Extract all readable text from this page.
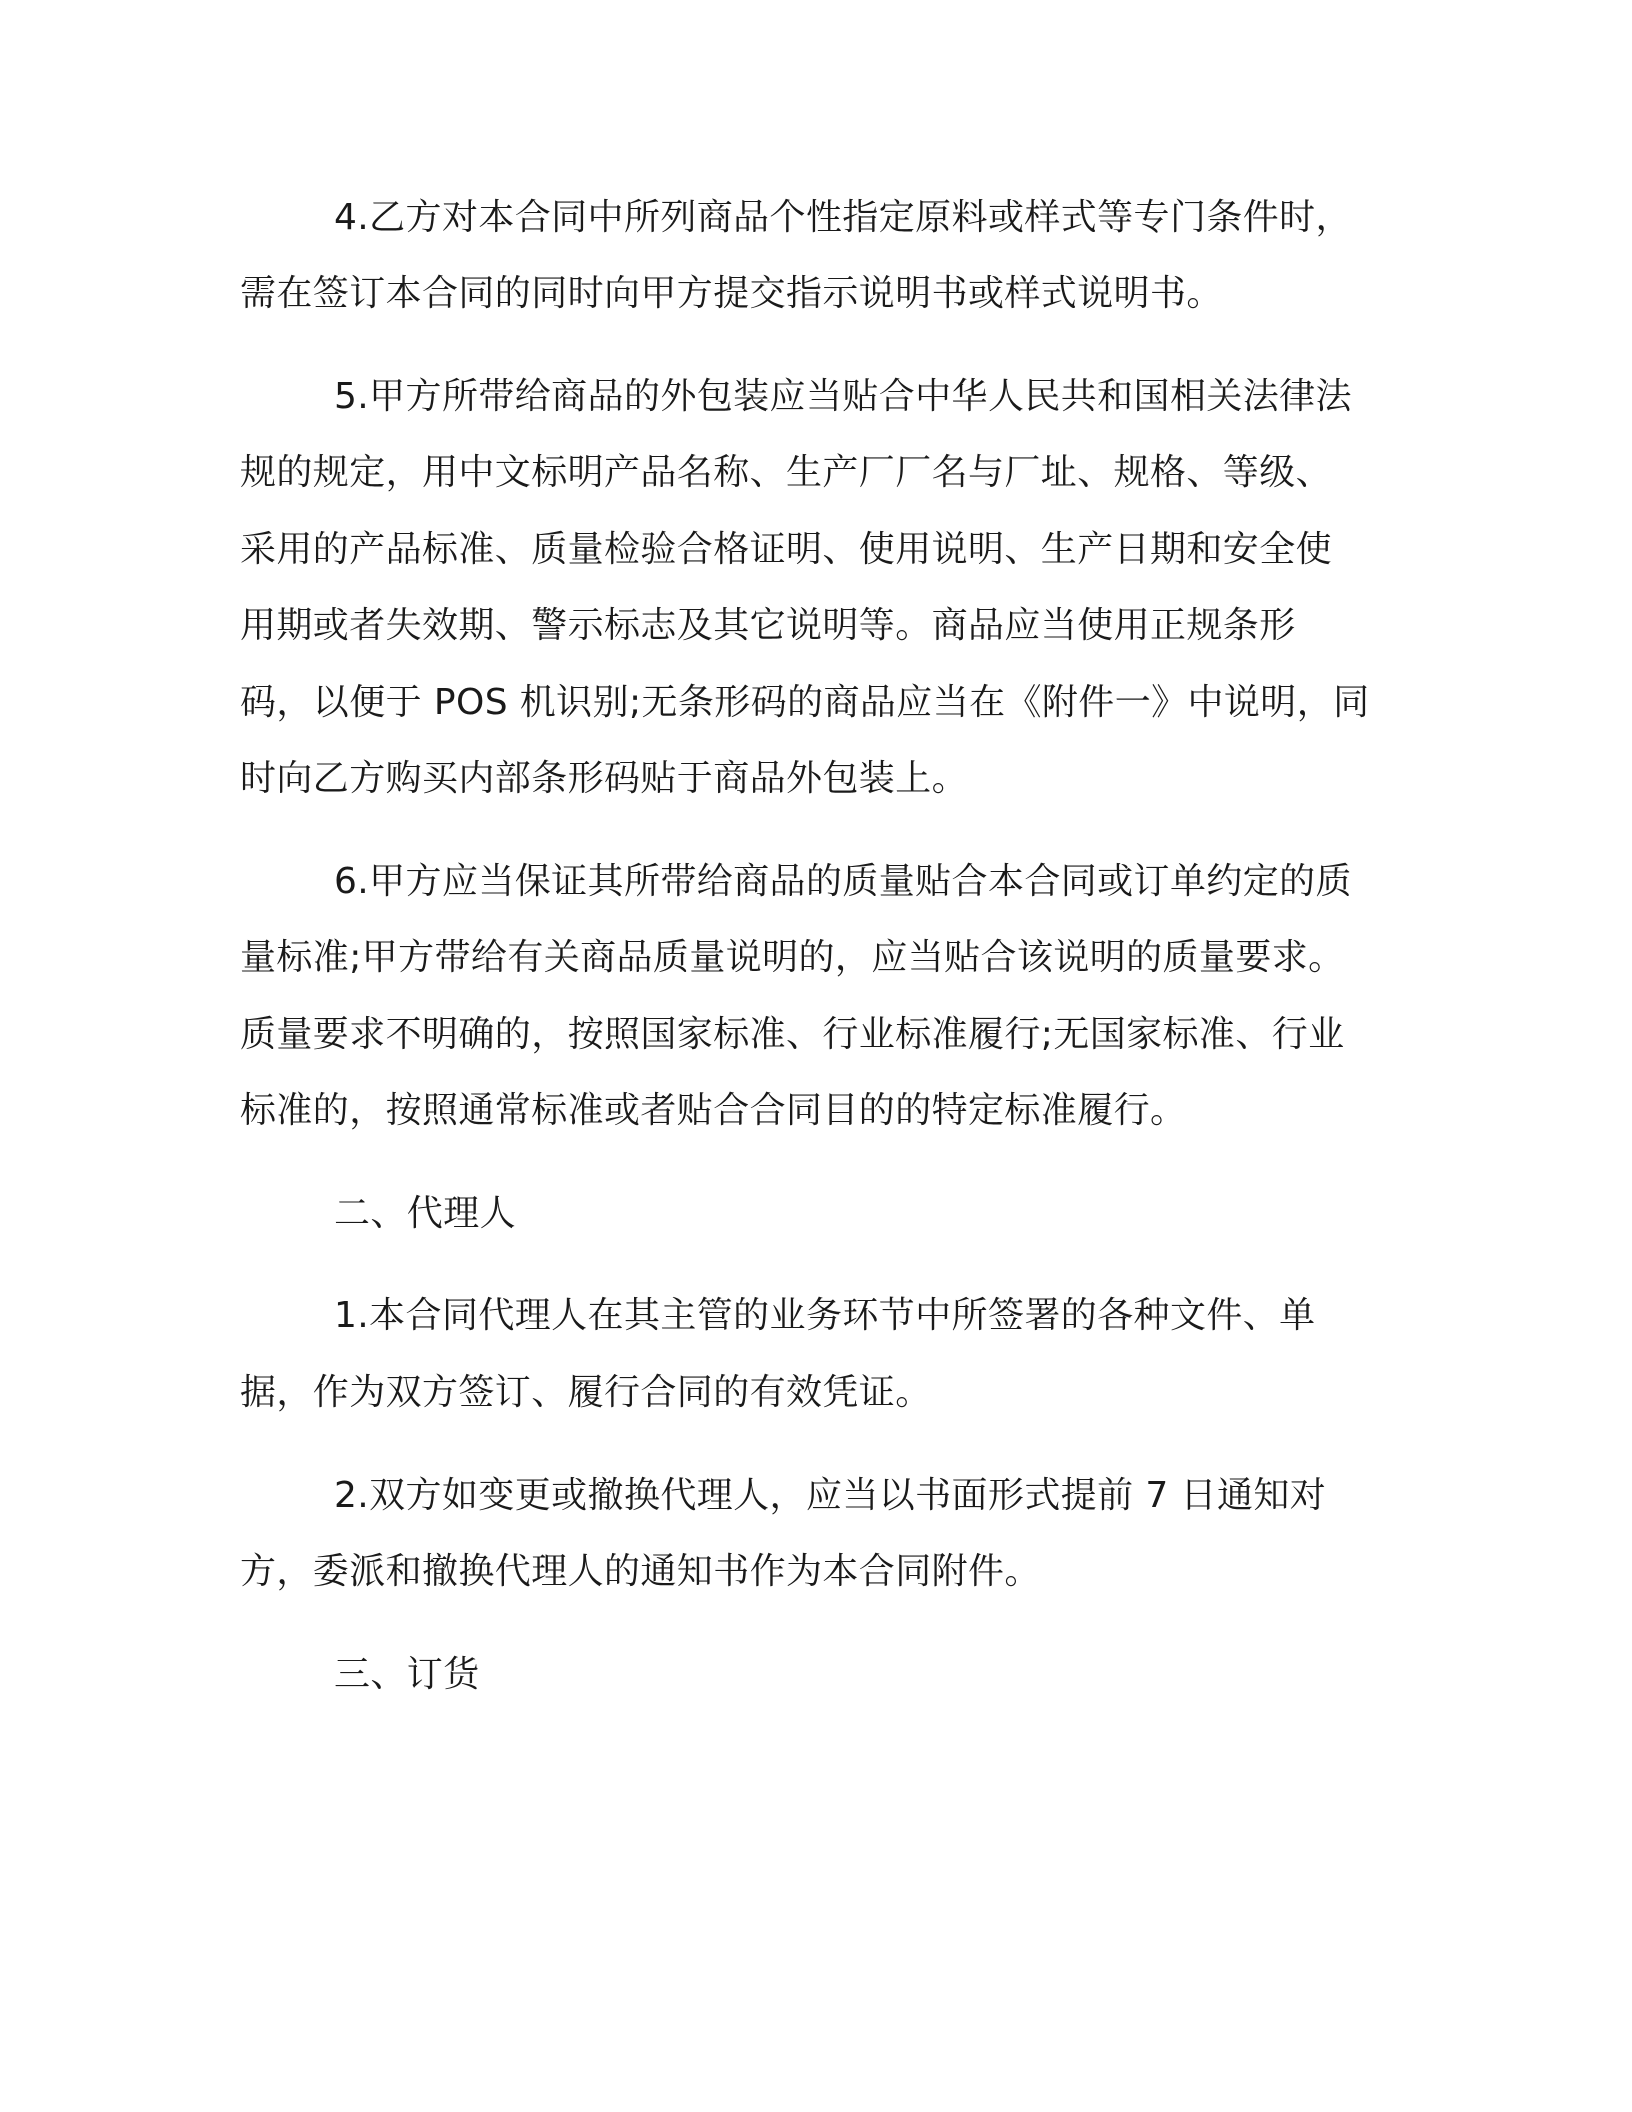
4.乙方对本合同中所列商品个性指定原料或样式等专门条件时，
需在签订本合同的同时向甲方提交指示说明书或样式说明书。
5.甲方所带给商品的外包装应当贴合中华人民共和国相关法律法
规的规定，用中文标明产品名称、生产厂厂名与厂址、规格、等级、
采用的产品标准、质量检验合格证明、使用说明、生产日期和安全使
用期或者失效期、警示标志及其它说明等。商品应当使用正规条形
码，以便于 POS 机识别;无条形码的商品应当在《附件一》中说明，同
时向乙方购买内部条形码贴于商品外包装上。
6.甲方应当保证其所带给商品的质量贴合本合同或订单约定的质
量标准;甲方带给有关商品质量说明的，应当贴合该说明的质量要求。
质量要求不明确的，按照国家标准、行业标准履行;无国家标准、行业
标准的，按照通常标准或者贴合合同目的的特定标准履行。
二、代理人
1.本合同代理人在其主管的业务环节中所签署的各种文件、单
据，作为双方签订、履行合同的有效凭证。
2.双方如变更或撤换代理人，应当以书面形式提前 7 日通知对
方，委派和撤换代理人的通知书作为本合同附件。
三、订货
